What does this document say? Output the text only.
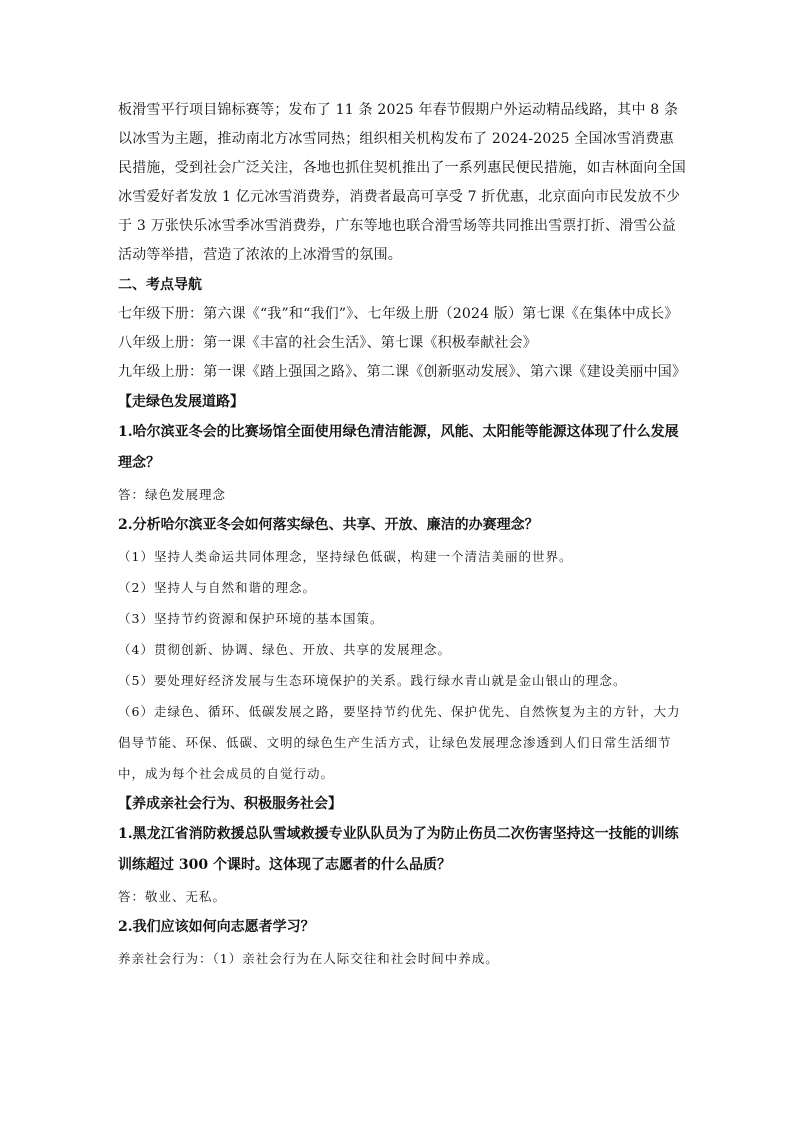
板滑雪平行项目锦标赛等；发布了 11 条 2025 年春节假期户外运动精品线路，其中 8 条以冰雪为主题，推动南北方冰雪同热；组织相关机构发布了 2024-2025 全国冰雪消费惠民措施，受到社会广泛关注，各地也抓住契机推出了一系列惠民便民措施，如吉林面向全国冰雪爱好者发放 1 亿元冰雪消费券，消费者最高可享受 7 折优惠，北京面向市民发放不少于 3 万张快乐冰雪季冰雪消费券，广东等地也联合滑雪场等共同推出雪票打折、滑雪公益活动等举措，营造了浓浓的上冰滑雪的氛围。

二、考点导航

七年级下册：第六课《“我”和“我们”》、七年级上册（2024 版）第七课《在集体中成长》

八年级上册：第一课《丰富的社会生活》、第七课《积极奉献社会》

九年级上册：第一课《踏上强国之路》、第二课《创新驱动发展》、第六课《建设美丽中国》

【走绿色发展道路】

1.哈尔滨亚冬会的比赛场馆全面使用绿色清洁能源，风能、太阳能等能源这体现了什么发展理念？

答：绿色发展理念

2.分析哈尔滨亚冬会如何落实绿色、共享、开放、廉洁的办赛理念？

（1）坚持人类命运共同体理念，坚持绿色低碳，构建一个清洁美丽的世界。

（2）坚持人与自然和谐的理念。

（3）坚持节约资源和保护环境的基本国策。

（4）贯彻创新、协调、绿色、开放、共享的发展理念。

（5）要处理好经济发展与生态环境保护的关系。践行绿水青山就是金山银山的理念。

（6）走绿色、循环、低碳发展之路，要坚持节约优先、保护优先、自然恢复为主的方针，大力倡导节能、环保、低碳、文明的绿色生产生活方式，让绿色发展理念渗透到人们日常生活细节中，成为每个社会成员的自觉行动。

【养成亲社会行为、积极服务社会】

1.黑龙江省消防救援总队雪域救援专业队队员为了为防止伤员二次伤害坚持这一技能的训练训练超过 300 个课时。这体现了志愿者的什么品质？

答：敬业、无私。

2.我们应该如何向志愿者学习？

养亲社会行为：（1）亲社会行为在人际交往和社会时间中养成。
